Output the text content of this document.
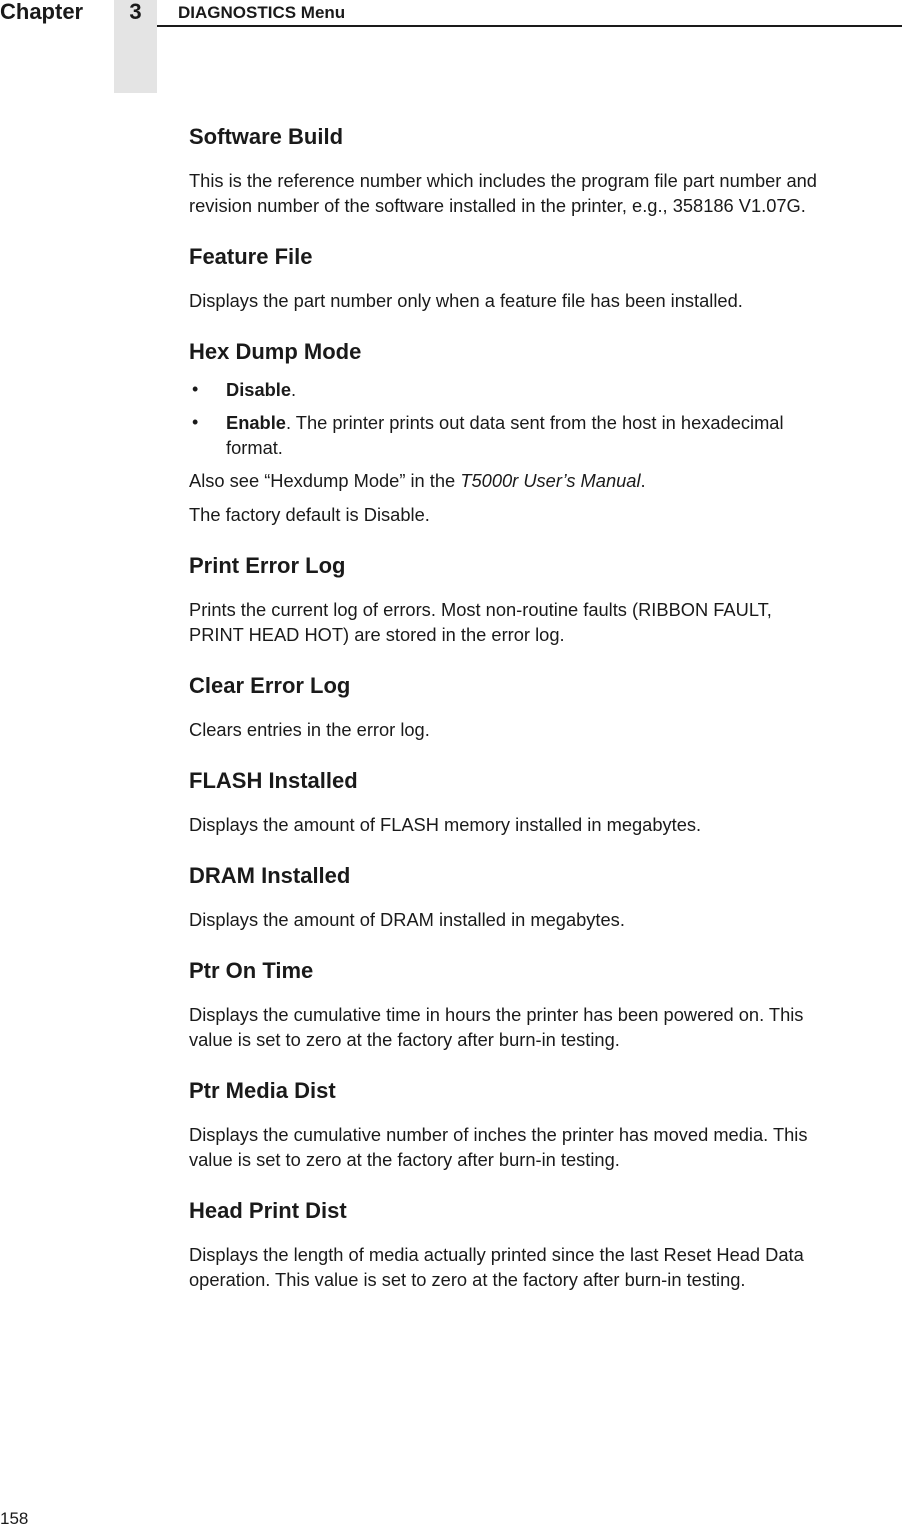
Chapter	3	DIAGNOSTICS Menu
Software Build

This is the reference number which includes the program file part number and
revision number of the software installed in the printer, e.g., 358186 V1.07G.

Feature File

Displays the part number only when a feature file has been installed.

Hex Dump Mode
• Disable.
• Enable. The printer prints out data sent from the host in hexadecimal
format.

Also see “Hexdump Mode” in the T5000r User’s Manual.

The factory default is Disable.

Print Error Log

Prints the current log of errors. Most non-routine faults (RIBBON FAULT,
PRINT HEAD HOT) are stored in the error log.

Clear Error Log

Clears entries in the error log.

FLASH Installed

Displays the amount of FLASH memory installed in megabytes.

DRAM Installed

Displays the amount of DRAM installed in megabytes.

Ptr On Time

Displays the cumulative time in hours the printer has been powered on. This
value is set to zero at the factory after burn-in testing.

Ptr Media Dist

Displays the cumulative number of inches the printer has moved media. This
value is set to zero at the factory after burn-in testing.

Head Print Dist

Displays the length of media actually printed since the last Reset Head Data
operation. This value is set to zero at the factory after burn-in testing.

158
